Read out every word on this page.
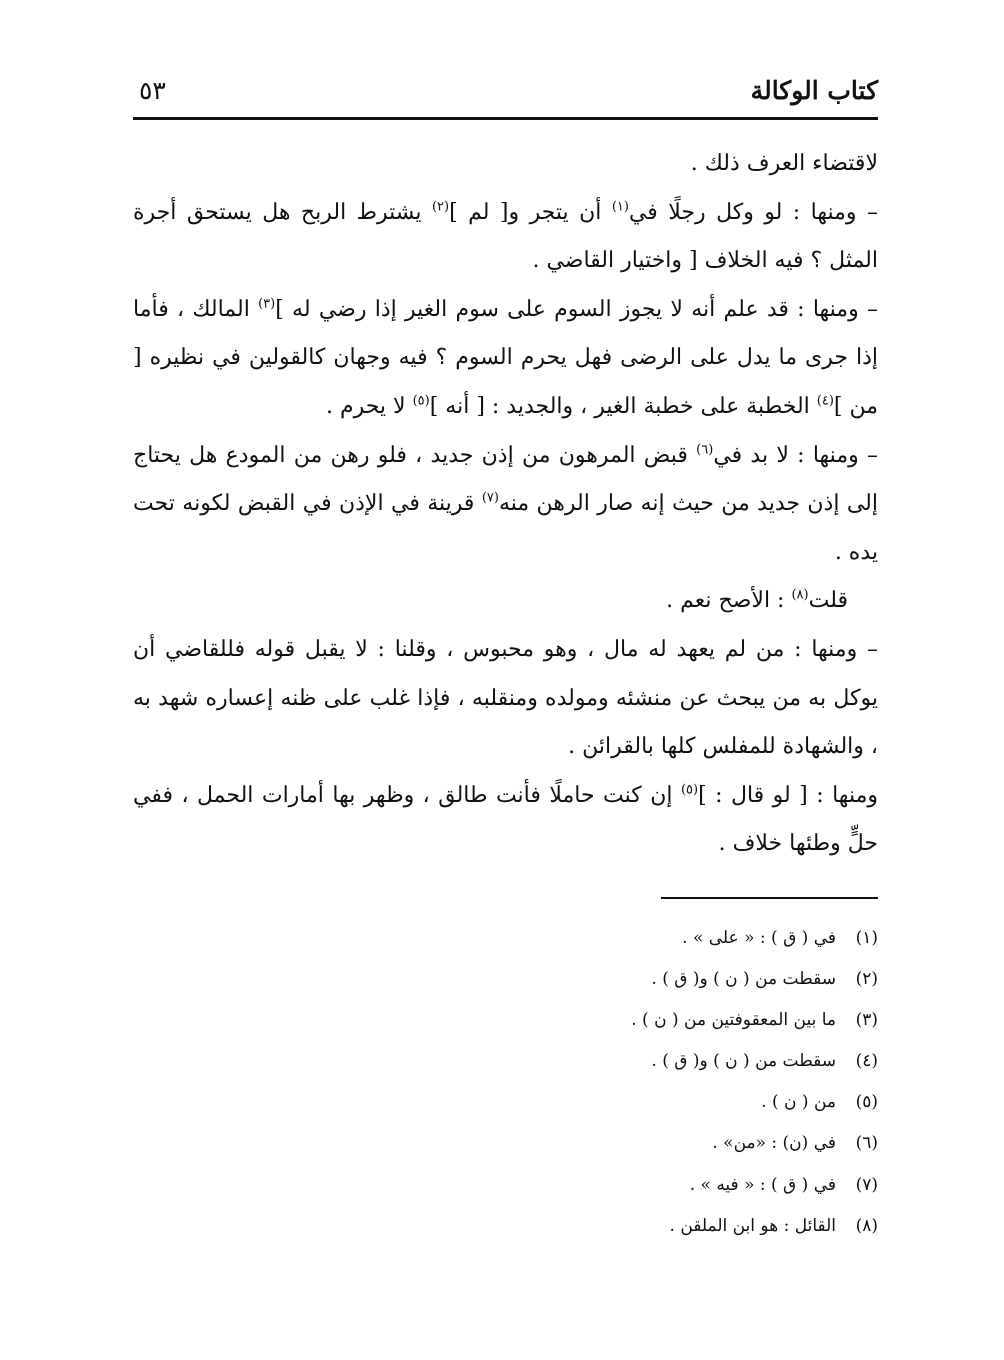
كتاب الوكالة
٥٣

لاقتضاء العرف ذلك .

– ومنها : لو وكل رجلًا في$^{(١)}$ أن يتجر و[ لم ]$^{(٢)}$ يشترط الربح هل يستحق أجرة المثل ؟ فيه الخلاف [ واختيار القاضي .

– ومنها : قد علم أنه لا يجوز السوم على سوم الغير إذا رضي له ]$^{(٣)}$ المالك ، فأما إذا جرى ما يدل على الرضى فهل يحرم السوم ؟ فيه وجهان كالقولين في نظيره [ من ]$^{(٤)}$ الخطبة على خطبة الغير ، والجديد : [ أنه ]$^{(٥)}$ لا يحرم .

– ومنها : لا بد في$^{(٦)}$ قبض المرهون من إذن جديد ، فلو رهن من المودع هل يحتاج إلى إذن جديد من حيث إنه صار الرهن منه$^{(٧)}$ قرينة في الإذن في القبض لكونه تحت يده .

قلت$^{(٨)}$ : الأصح نعم .

– ومنها : من لم يعهد له مال ، وهو محبوس ، وقلنا : لا يقبل قوله فللقاضي أن يوكل به من يبحث عن منشئه ومولده ومنقلبه ، فإذا غلب على ظنه إعساره شهد به ، والشهادة للمفلس كلها بالقرائن .

ومنها : [ لو قال : ]$^{(٥)}$ إن كنت حاملًا فأنت طالق ، وظهر بها أمارات الحمل ، ففي حلٍّ وطئها خلاف .

(١)في ( ق ) : « على » .
(٢)سقطت من ( ن ) و( ق ) .
(٣)ما بين المعقوفتين من ( ن ) .
(٤)سقطت من ( ن ) و( ق ) .
(٥)من ( ن ) .
(٦)في (ن) : «من» .
(٧)في ( ق ) : « فيه » .
(٨)القائل : هو ابن الملقن .
